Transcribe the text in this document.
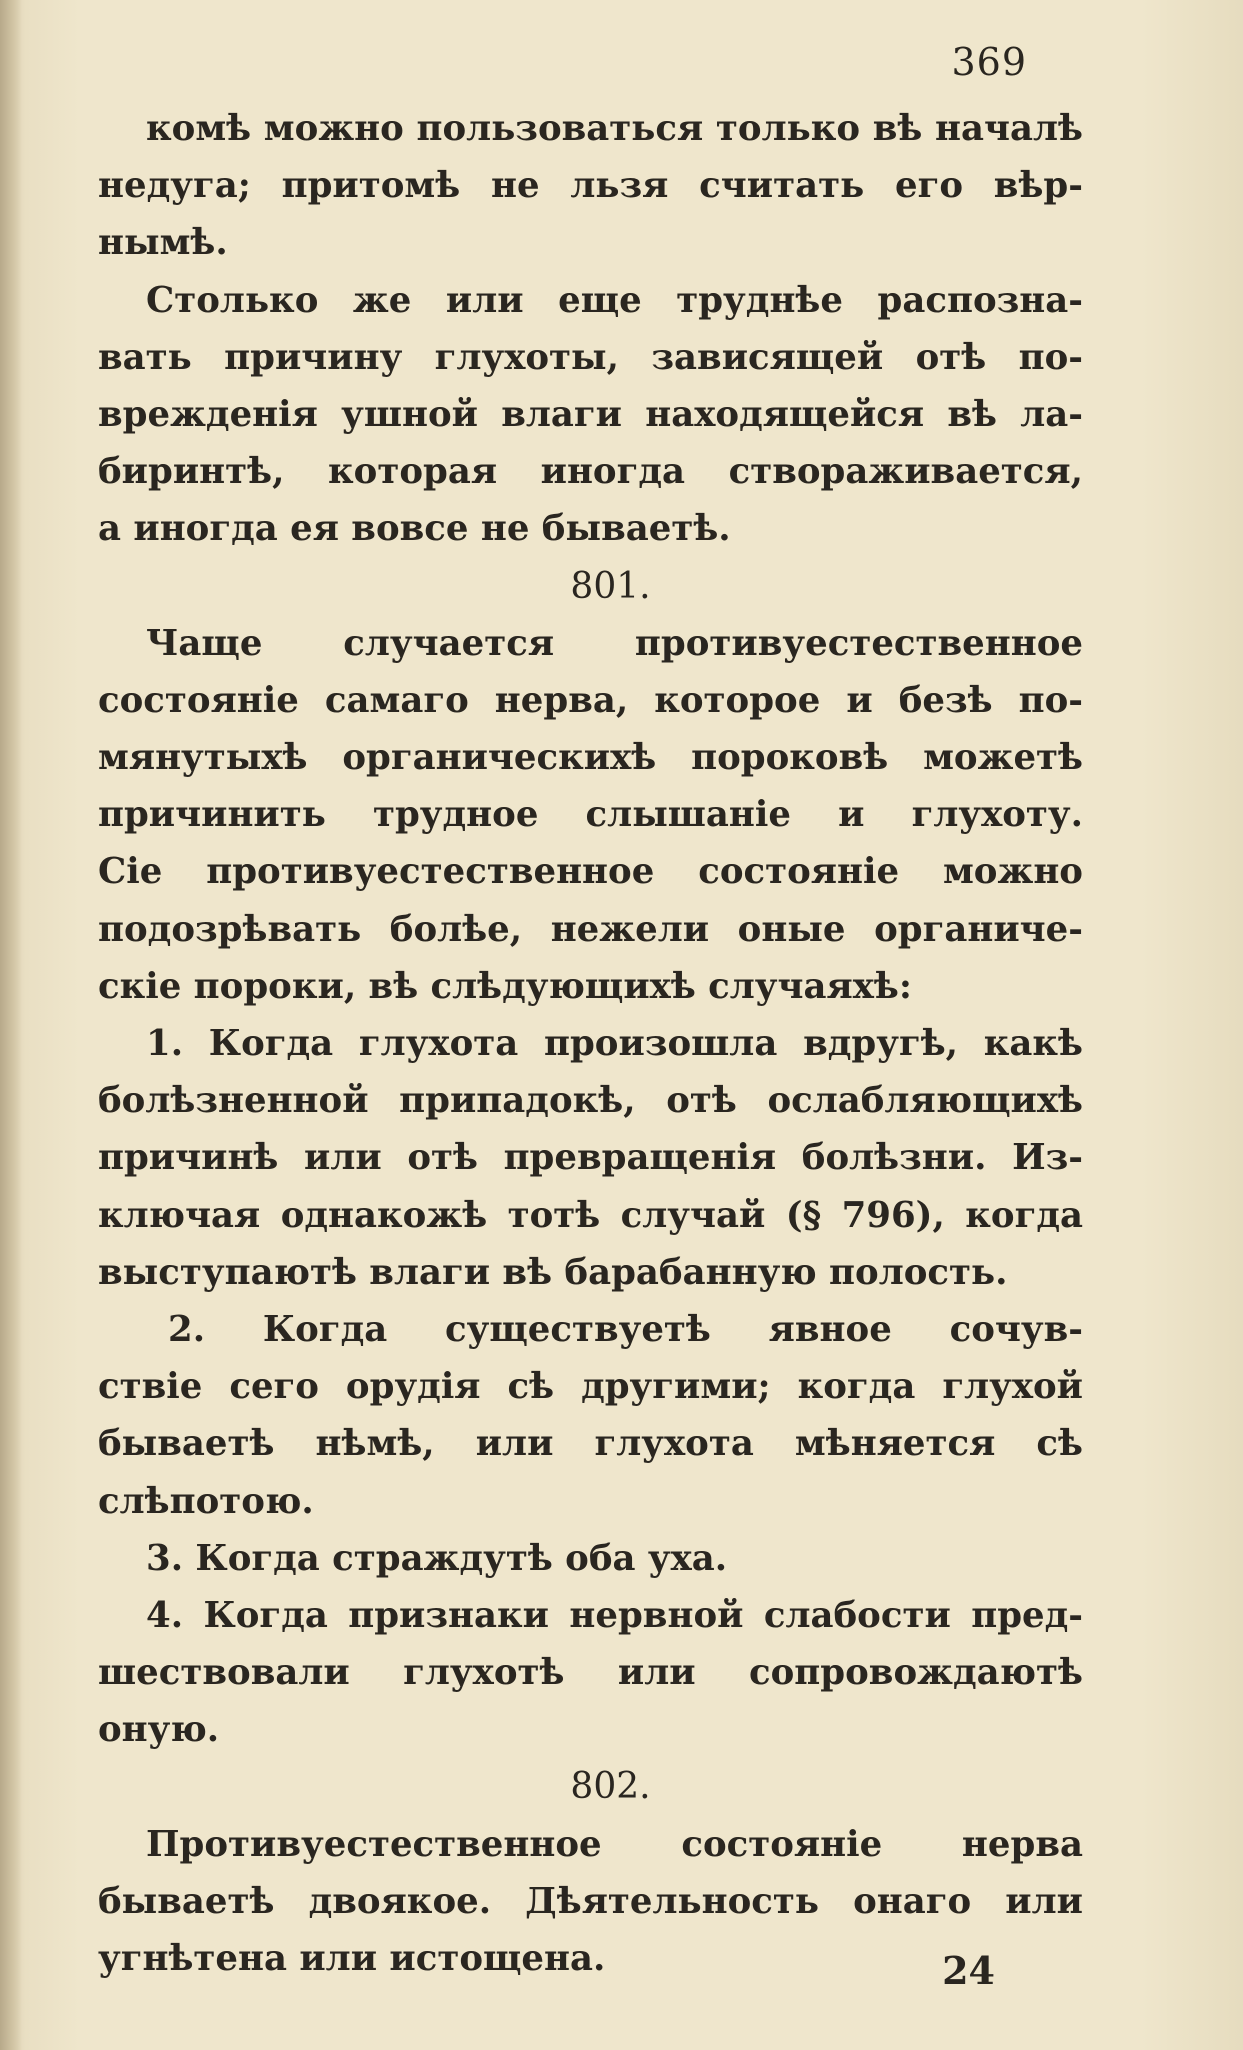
369
комѣ можно пользоваться только вѣ началѣ
недуга; притомѣ не льзя считать его вѣр-
нымѣ.
Столько же или еще труднѣе распозна-
вать причину глухоты, зависящей отѣ по-
врежденія ушной влаги находящейся вѣ ла-
биринтѣ, которая иногда створаживается,
а иногда ея вовсе не бываетѣ.
801.
Чаще случается противуестественное
состояніе самаго нерва, которое и безѣ по-
мянутыхѣ органическихѣ пороковѣ можетѣ
причинить трудное слышаніе и глухоту.
Сіе противуестественное состояніе можно
подозрѣвать болѣе, нежели оные органиче-
скіе пороки, вѣ слѣдующихѣ случаяхѣ:
1. Когда глухота произошла вдругѣ, какѣ
болѣзненной припадокѣ, отѣ ослабляющихѣ
причинѣ или отѣ превращенія болѣзни. Из-
ключая однакожѣ тотѣ случай (§ 796), когда
выступаютѣ влаги вѣ барабанную полость.
2. Когда существуетѣ явное сочув-
ствіе сего орудія сѣ другими; когда глухой
бываетѣ нѣмѣ, или глухота мѣняется сѣ
слѣпотою.
3. Когда страждутѣ оба уха.
4. Когда признаки нервной слабости пред-
шествовали глухотѣ или сопровождаютѣ
оную.
802.
Противуестественное состояніе нерва
бываетѣ двоякое. Дѣятельность онаго или
угнѣтена или истощена.	24
